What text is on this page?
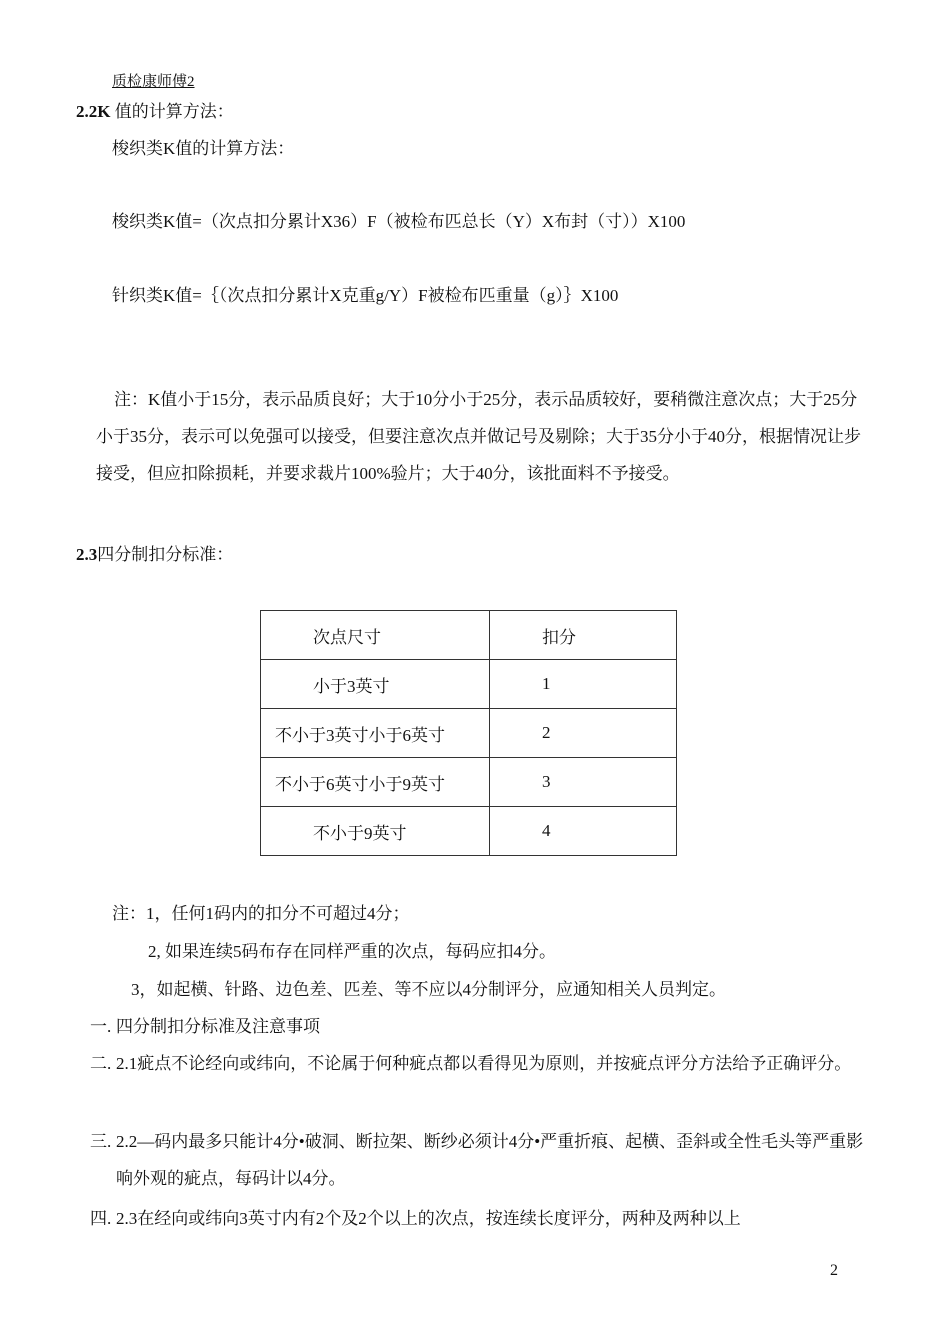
质检康师傅2
2.2K 值的计算方法：
梭织类K值的计算方法：
梭织类K值=（次点扣分累计X36）F（被检布匹总长（Y）X布封（寸））X100
针织类K值=｛（次点扣分累计X克重g/Y）F被检布匹重量（g）｝X100
注：K值小于15分，表示品质良好；大于10分小于25分，表示品质较好，要稍微注意次点；大于25分小于35分，表示可以免强可以接受，但要注意次点并做记号及剔除；大于35分小于40分，根据情况让步接受，但应扣除损耗，并要求裁片100%验片；大于40分，该批面料不予接受。
2.3四分制扣分标准：
次点尺寸	扣分
小于3英寸	1
不小于3英寸小于6英寸	2
不小于6英寸小于9英寸	3
不小于9英寸	4
注：1，任何1码内的扣分不可超过4分；
2, 如果连续5码布存在同样严重的次点，每码应扣4分。
3，如起横、针路、边色差、匹差、等不应以4分制评分，应通知相关人员判定。
一. 四分制扣分标准及注意事项
二. 2.1疵点不论经向或纬向，不论属于何种疵点都以看得见为原则，并按疵点评分方法给予正确评分。
三. 2.2—码内最多只能计4分•破洞、断拉架、断纱必须计4分•严重折痕、起横、歪斜或全性毛头等严重影响外观的疵点，每码计以4分。
四. 2.3在经向或纬向3英寸内有2个及2个以上的次点，按连续长度评分，两种及两种以上
2
